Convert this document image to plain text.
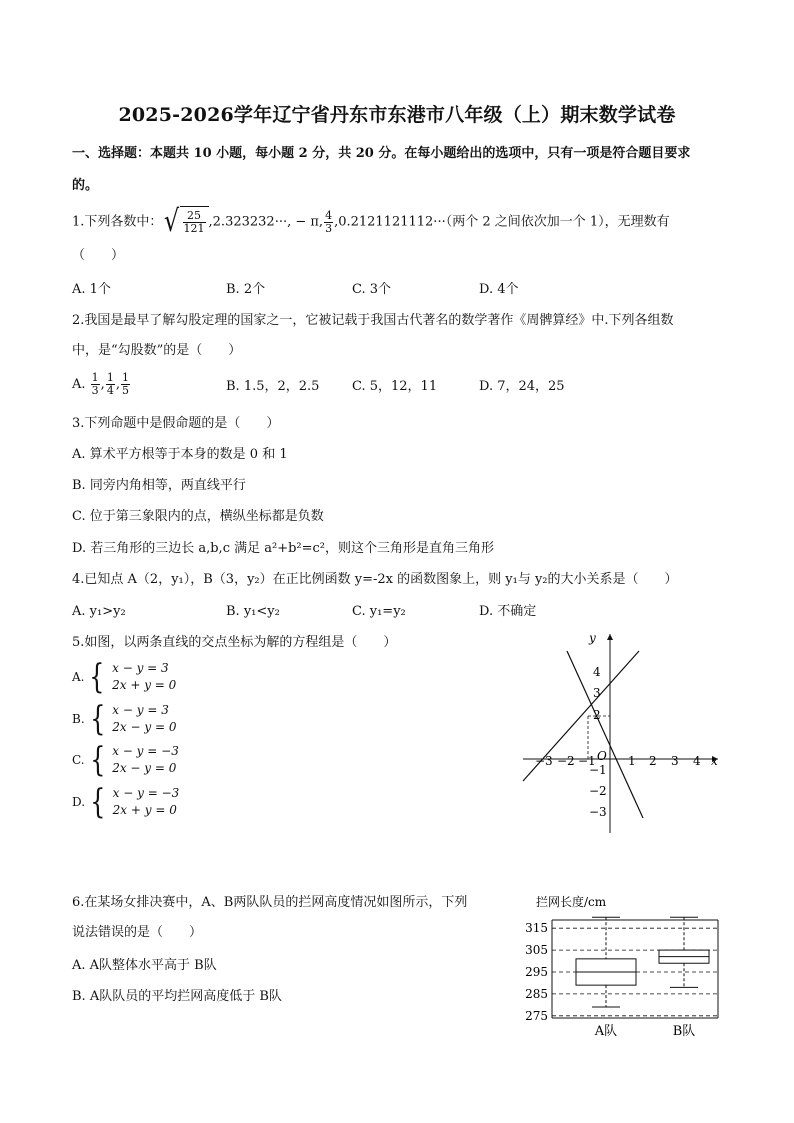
2025-2026学年辽宁省丹东市东港市八年级（上）期末数学试卷
一、选择题：本题共 10 小题，每小题 2 分，共 20 分。在每小题给出的选项中，只有一项是符合题目要求
的。
1.下列各数中： √ $\frac{25}{121} ,2.323232\cdot\cdot\cdot$, − π, $\frac{4}{3} ,0.2121121112\cdot\cdot\cdot$（两个 2 之间依次加一个 1），无理数有
（　　）
A. 1个	B. 2个	C. 3个	D. 4个
2.我国是最早了解勾股定理的国家之一，它被记载于我国古代著名的数学著作《周髀算经》中.下列各组数
中，是“勾股数”的是（　　）
A. $\frac{1}{3}$ , $\frac{1}{4}$ , $\frac{1}{5}$	B. 1.5，2，2.5	C. 5，12，11	D. 7，24，25
3.下列命题中是假命题的是（　　）
A. 算术平方根等于本身的数是 0 和 1
B. 同旁内角相等，两直线平行
C. 位于第三象限内的点，横纵坐标都是负数
D. 若三角形的三边长 a,b,c 满足 a²+b²=c²，则这个三角形是直角三角形
4.已知点 A（2，y₁），B（3，y₂）在正比例函数 y=-2x 的函数图象上，则 y₁与 y₂的大小关系是（　　）
A. y₁>y₂	B. y₁<y₂	C. y₁=y₂	D. 不确定
5.如图，以两条直线的交点坐标为解的方程组是（　　）
A. { x − y = 3
2x + y = 0
B. { x − y = 3
2x − y = 0
C. { x − y = −3
2x − y = 0
D. { x − y = −3
2x + y = 0
y
x
O
−3 −2 −1	1 2 3 4
4
3
2
−1
−2
−3
6.在某场女排决赛中，A、B两队队员的拦网高度情况如图所示，下列
说法错误的是（　　）
A. A队整体水平高于 B队
B. A队队员的平均拦网高度低于 B队
拦网长度/cm
315
305
295
285
275
A队	B队
